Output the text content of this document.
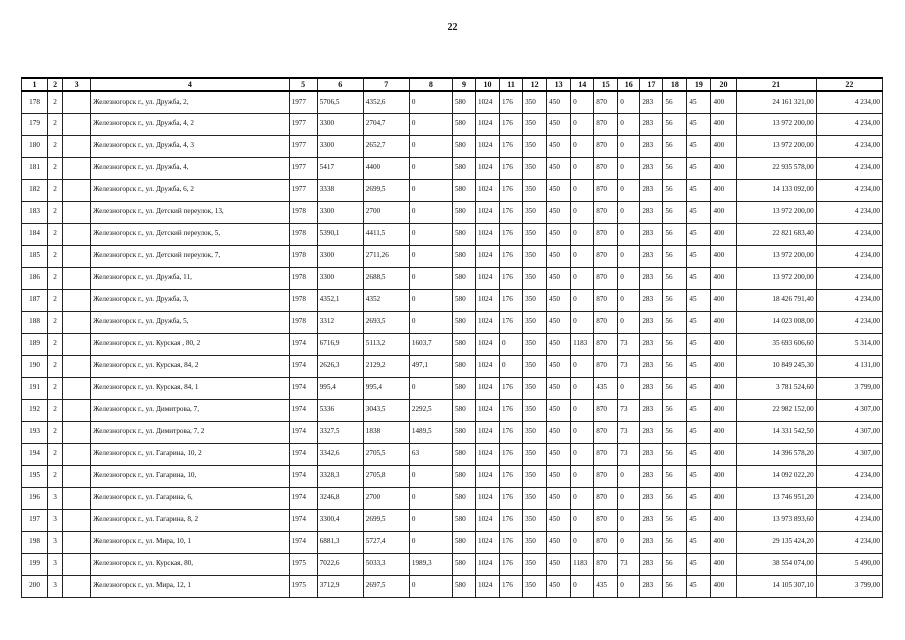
22
1	2	3	4	5	6	7	8	9	10	11	12	13	14	15	16	17	18	19	20	21	22
178	2		Железногорск г., ул. Дружба, 2,	1977	5706,5	4352,6	0	580	1024	176	350	450	0	870	0	283	56	45	400	24 161 321,00	4 234,00
179	2		Железногорск г., ул. Дружба, 4, 2	1977	3300	2704,7	0	580	1024	176	350	450	0	870	0	283	56	45	400	13 972 200,00	4 234,00
180	2		Железногорск г., ул. Дружба, 4, 3	1977	3300	2652,7	0	580	1024	176	350	450	0	870	0	283	56	45	400	13 972 200,00	4 234,00
181	2		Железногорск г., ул. Дружба, 4,	1977	5417	4400	0	580	1024	176	350	450	0	870	0	283	56	45	400	22 935 578,00	4 234,00
182	2		Железногорск г., ул. Дружба, 6, 2	1977	3338	2699,5	0	580	1024	176	350	450	0	870	0	283	56	45	400	14 133 092,00	4 234,00
183	2		Железногорск г., ул. Детский переулок, 13,	1978	3300	2700	0	580	1024	176	350	450	0	870	0	283	56	45	400	13 972 200,00	4 234,00
184	2		Железногорск г., ул. Детский переулок, 5,	1978	5390,1	4411,5	0	580	1024	176	350	450	0	870	0	283	56	45	400	22 821 683,40	4 234,00
185	2		Железногорск г., ул. Детский переулок, 7,	1978	3300	2711,26	0	580	1024	176	350	450	0	870	0	283	56	45	400	13 972 200,00	4 234,00
186	2		Железногорск г., ул. Дружба, 11,	1978	3300	2688,5	0	580	1024	176	350	450	0	870	0	283	56	45	400	13 972 200,00	4 234,00
187	2		Железногорск г., ул. Дружба, 3,	1978	4352,1	4352	0	580	1024	176	350	450	0	870	0	283	56	45	400	18 426 791,40	4 234,00
188	2		Железногорск г., ул. Дружба, 5,	1978	3312	2693,5	0	580	1024	176	350	450	0	870	0	283	56	45	400	14 023 008,00	4 234,00
189	2		Железногорск г., ул. Курская , 80, 2	1974	6716,9	5113,2	1603,7	580	1024	0	350	450	1183	870	73	283	56	45	400	35 693 606,60	5 314,00
190	2		Железногорск г., ул. Курская, 84, 2	1974	2626,3	2129,2	497,1	580	1024	0	350	450	0	870	73	283	56	45	400	10 849 245,30	4 131,00
191	2		Железногорск г., ул. Курская, 84, 1	1974	995,4	995,4	0	580	1024	176	350	450	0	435	0	283	56	45	400	3 781 524,60	3 799,00
192	2		Железногорск г., ул. Димитрова, 7,	1974	5336	3043,5	2292,5	580	1024	176	350	450	0	870	73	283	56	45	400	22 982 152,00	4 307,00
193	2		Железногорск г., ул. Димитрова, 7, 2	1974	3327,5	1838	1489,5	580	1024	176	350	450	0	870	73	283	56	45	400	14 331 542,50	4 307,00
194	2		Железногорск г., ул. Гагарина, 10, 2	1974	3342,6	2705,5	63	580	1024	176	350	450	0	870	73	283	56	45	400	14 396 578,20	4 307,00
195	2		Железногорск г., ул. Гагарина, 10,	1974	3328,3	2705,8	0	580	1024	176	350	450	0	870	0	283	56	45	400	14 092 022,20	4 234,00
196	3		Железногорск г., ул. Гагарина, 6,	1974	3246,8	2700	0	580	1024	176	350	450	0	870	0	283	56	45	400	13 746 951,20	4 234,00
197	3		Железногорск г., ул. Гагарина, 8, 2	1974	3300,4	2699,5	0	580	1024	176	350	450	0	870	0	283	56	45	400	13 973 893,60	4 234,00
198	3		Железногорск г., ул. Мира, 10, 1	1974	6881,3	5727,4	0	580	1024	176	350	450	0	870	0	283	56	45	400	29 135 424,20	4 234,00
199	3		Железногорск г., ул. Курская, 80,	1975	7022,6	5033,3	1989,3	580	1024	176	350	450	1183	870	73	283	56	45	400	38 554 074,00	5 490,00
200	3		Железногорск г., ул. Мира, 12, 1	1975	3712,9	2697,5	0	580	1024	176	350	450	0	435	0	283	56	45	400	14 105 307,10	3 799,00
